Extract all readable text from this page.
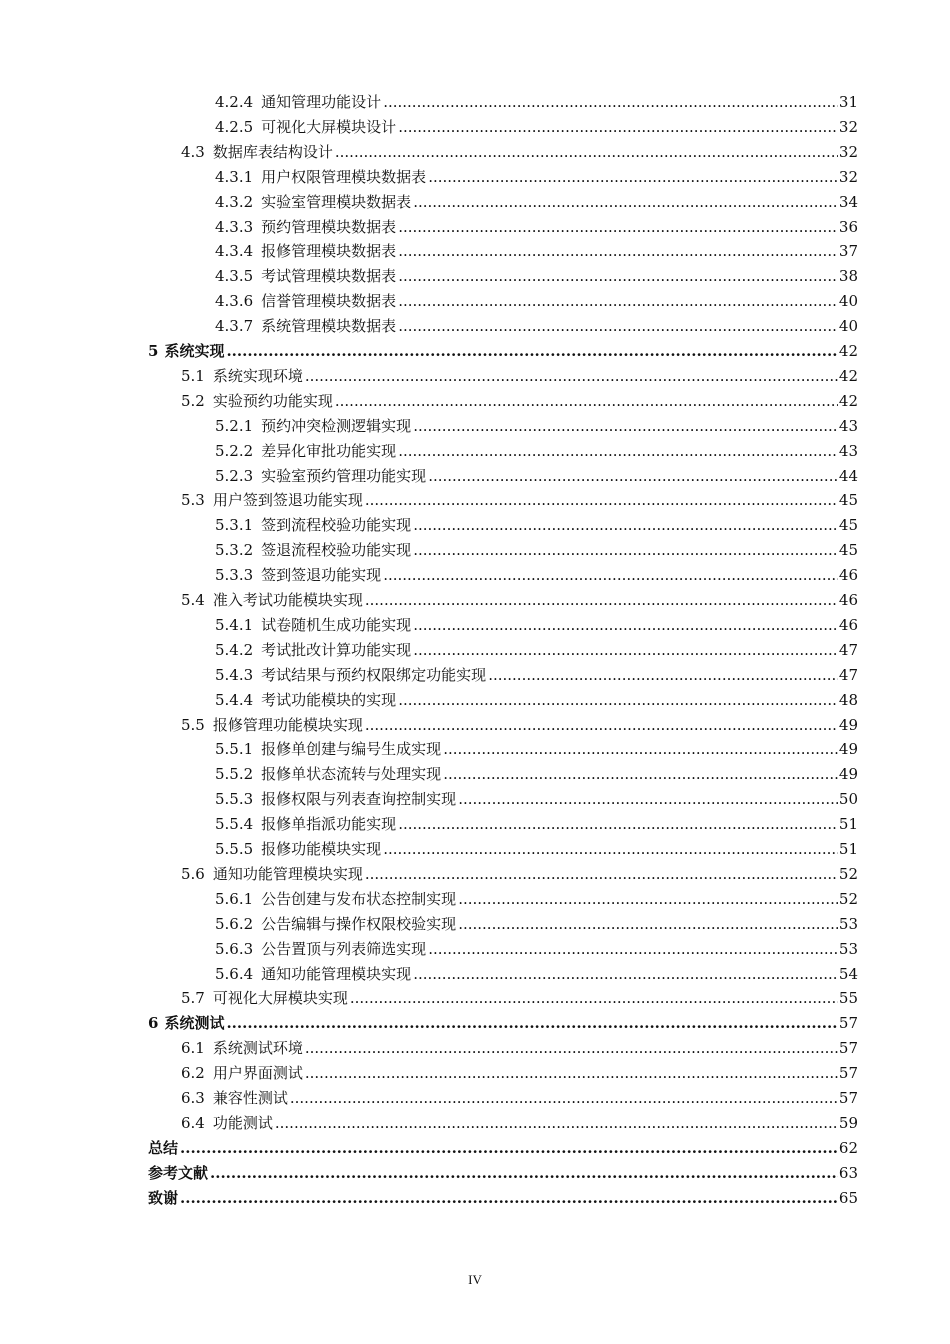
4.2.4 通知管理功能设计 .....	31
4.2.5 可视化大屏模块设计 .....	32
4.3 数据库表结构设计 .....	32
4.3.1 用户权限管理模块数据表 .....	32
4.3.2 实验室管理模块数据表 .....	34
4.3.3 预约管理模块数据表 .....	36
4.3.4 报修管理模块数据表 .....	37
4.3.5 考试管理模块数据表 .....	38
4.3.6 信誉管理模块数据表 .....	40
4.3.7 系统管理模块数据表 .....	40
5 系统实现 .....	42
5.1 系统实现环境 .....	42
5.2 实验预约功能实现 .....	42
5.2.1 预约冲突检测逻辑实现 .....	43
5.2.2 差异化审批功能实现 .....	43
5.2.3 实验室预约管理功能实现 .....	44
5.3 用户签到签退功能实现 .....	45
5.3.1 签到流程校验功能实现 .....	45
5.3.2 签退流程校验功能实现 .....	45
5.3.3 签到签退功能实现 .....	46
5.4 准入考试功能模块实现 .....	46
5.4.1 试卷随机生成功能实现 .....	46
5.4.2 考试批改计算功能实现 .....	47
5.4.3 考试结果与预约权限绑定功能实现 .....	47
5.4.4 考试功能模块的实现 .....	48
5.5 报修管理功能模块实现 .....	49
5.5.1 报修单创建与编号生成实现 .....	49
5.5.2 报修单状态流转与处理实现 .....	49
5.5.3 报修权限与列表查询控制实现 .....	50
5.5.4 报修单指派功能实现 .....	51
5.5.5 报修功能模块实现 .....	51
5.6 通知功能管理模块实现 .....	52
5.6.1 公告创建与发布状态控制实现 .....	52
5.6.2 公告编辑与操作权限校验实现 .....	53
5.6.3 公告置顶与列表筛选实现 .....	53
5.6.4 通知功能管理模块实现 .....	54
5.7 可视化大屏模块实现 .....	55
6 系统测试 .....	57
6.1 系统测试环境 .....	57
6.2 用户界面测试 .....	57
6.3 兼容性测试 .....	57
6.4 功能测试 .....	59
总结 .....	62
参考文献 .....	63
致谢 .....	65
IV
